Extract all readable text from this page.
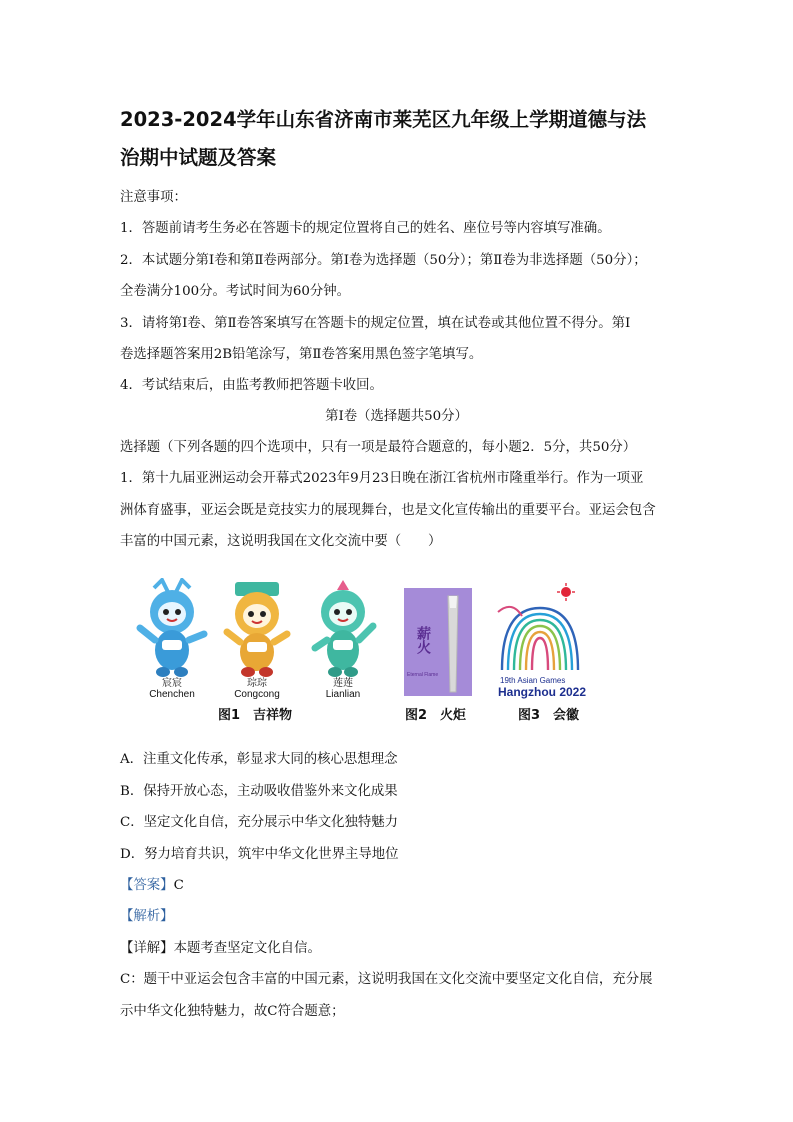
2023-2024学年山东省济南市莱芜区九年级上学期道德与法
治期中试题及答案
注意事项：
1．答题前请考生务必在答题卡的规定位置将自己的姓名、座位号等内容填写准确。
2．本试题分第Ⅰ卷和第Ⅱ卷两部分。第Ⅰ卷为选择题（50分）；第Ⅱ卷为非选择题（50分）；
全卷满分100分。考试时间为60分钟。
3．请将第Ⅰ卷、第Ⅱ卷答案填写在答题卡的规定位置，填在试卷或其他位置不得分。第Ⅰ
卷选择题答案用2B铅笔涂写，第Ⅱ卷答案用黑色签字笔填写。
4．考试结束后，由监考教师把答题卡收回。
第Ⅰ卷（选择题共50分）
选择题（下列各题的四个选项中，只有一项是最符合题意的，每小题2．5分，共50分）
1．第十九届亚洲运动会开幕式2023年9月23日晚在浙江省杭州市隆重举行。作为一项亚
洲体育盛事，亚运会既是竞技实力的展现舞台，也是文化宣传输出的重要平台。亚运会包含
丰富的中国元素，这说明我国在文化交流中要（　　）
宸宸
Chenchen
琮琮
Congcong
莲莲
Lianlian
薪火
Eternal Flame
19th Asian Games
Hangzhou 2022
图1　吉祥物	图2　火炬	图3　会徽
A．注重文化传承，彰显求大同的核心思想理念
B．保持开放心态，主动吸收借鉴外来文化成果
C．坚定文化自信，充分展示中华文化独特魅力
D．努力培育共识，筑牢中华文化世界主导地位
【答案】C
【解析】
【详解】本题考查坚定文化自信。
C：题干中亚运会包含丰富的中国元素，这说明我国在文化交流中要坚定文化自信，充分展
示中华文化独特魅力，故C符合题意；
